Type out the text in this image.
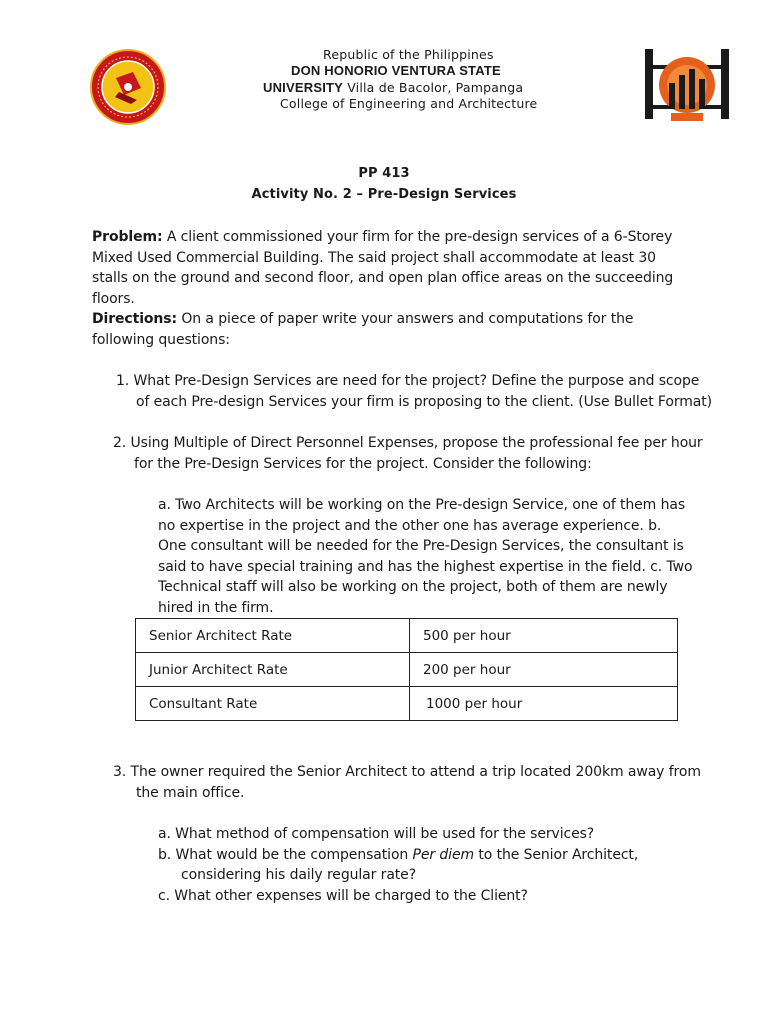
Republic of the Philippines
DON HONORIO VENTURA STATE
UNIVERSITY Villa de Bacolor, Pampanga
College of Engineering and Architecture
PP 413
Activity No. 2 – Pre-Design Services
Problem: A client commissioned your firm for the pre-design services of a 6-Storey Mixed Used Commercial Building. The said project shall accommodate at least 30 stalls on the ground and second floor, and open plan office areas on the succeeding floors.
Directions: On a piece of paper write your answers and computations for the following questions:
1. What Pre-Design Services are need for the project? Define the purpose and scope
of each Pre-design Services your firm is proposing to the client. (Use Bullet Format)
2. Using Multiple of Direct Personnel Expenses, propose the professional fee per hour
for the Pre-Design Services for the project. Consider the following:
a. Two Architects will be working on the Pre-design Service, one of them has
no expertise in the project and the other one has average experience. b.
One consultant will be needed for the Pre-Design Services, the consultant is
said to have special training and has the highest expertise in the field. c. Two
Technical staff will also be working on the project, both of them are newly
hired in the firm.
Senior Architect Rate	500 per hour
Junior Architect Rate	200 per hour
Consultant Rate	1000 per hour
3. The owner required the Senior Architect to attend a trip located 200km away from
the main office.
a. What method of compensation will be used for the services?
b. What would be the compensation Per diem to the Senior Architect,
considering his daily regular rate?
c. What other expenses will be charged to the Client?
